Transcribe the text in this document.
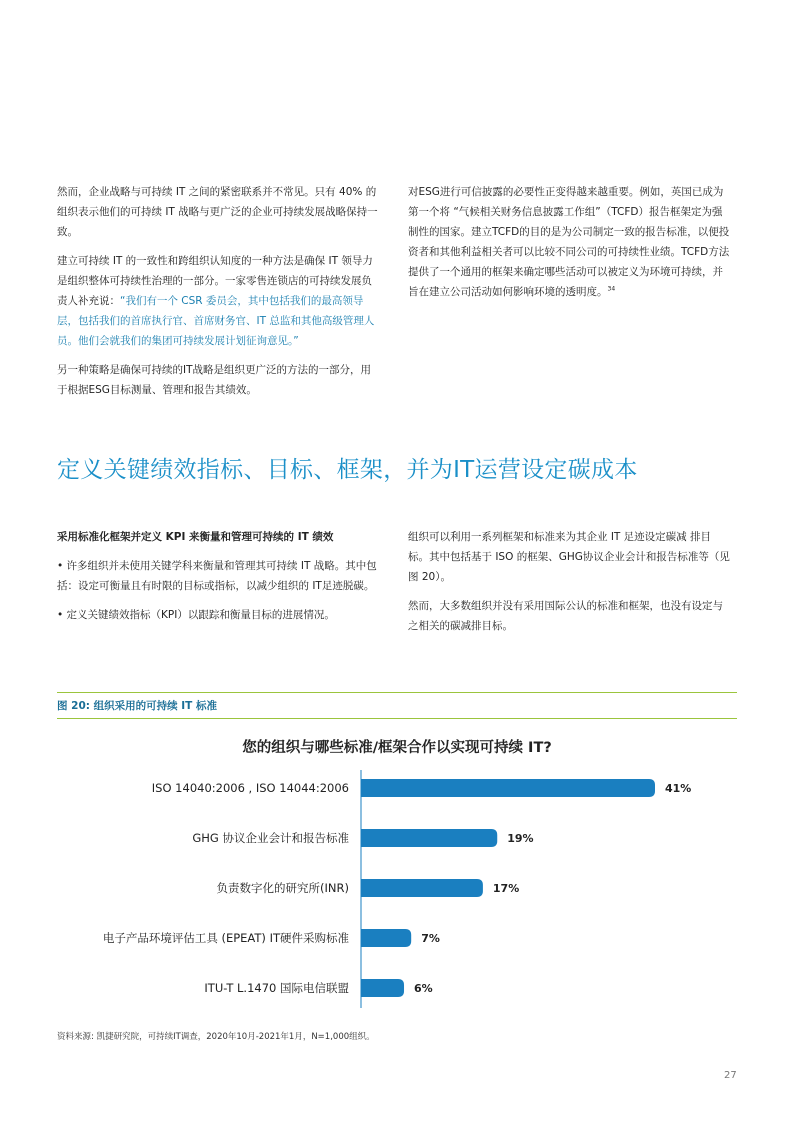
然而，企业战略与可持续 IT 之间的紧密联系并不常见。只有 40% 的组织表示他们的可持续 IT 战略与更广泛的企业可持续发展战略保持一致。

建立可持续 IT 的一致性和跨组织认知度的一种方法是确保 IT 领导力是组织整体可持续性治理的一部分。一家零售连锁店的可持续发展负责人补充说：“我们有一个 CSR 委员会，其中包括我们的最高领导层，包括我们的首席执行官、首席财务官、IT 总监和其他高级管理人员。他们会就我们的集团可持续发展计划征询意见。”

另一种策略是确保可持续的IT战略是组织更广泛的方法的一部分，用于根据ESG目标测量、管理和报告其绩效。

对ESG进行可信披露的必要性正变得越来越重要。例如，英国已成为第一个将 “气候相关财务信息披露工作组”（TCFD）报告框架定为强制性的国家。建立TCFD的目的是为公司制定一致的报告标准，以便投资者和其他利益相关者可以比较不同公司的可持续性业绩。TCFD方法提供了一个通用的框架来确定哪些活动可以被定义为环境可持续，并旨在建立公司活动如何影响环境的透明度。$^{34}$

定义关键绩效指标、目标、框架，并为IT运营设定碳成本

采用标准化框架并定义 KPI 来衡量和管理可持续的 IT 绩效

• 许多组织并未使用关键学科来衡量和管理其可持续 IT 战略。其中包括：设定可衡量且有时限的目标或指标，以减少组织的 IT足迹脱碳。

• 定义关键绩效指标（KPI）以跟踪和衡量目标的进展情况。

组织可以利用一系列框架和标准来为其企业 IT 足迹设定碳减 排目标。其中包括基于 ISO 的框架、GHG协议企业会计和报告标准等（见图 20）。

然而，大多数组织并没有采用国际公认的标准和框架，也没有设定与之相关的碳减排目标。

图 20: 组织采用的可持续 IT 标准
您的组织与哪些标准/框架合作以实现可持续 IT?
ISO 14040:2006 , ISO 14044:2006	41%
GHG 协议企业会计和报告标准	19%
负责数字化的研究所(INR)	17%
电子产品环境评估工具 (EPEAT) IT硬件采购标准	7%
ITU-T L.1470 国际电信联盟	6%
资料来源: 凯捷研究院，可持续IT调查，2020年10月-2021年1月，N=1,000组织。
27
